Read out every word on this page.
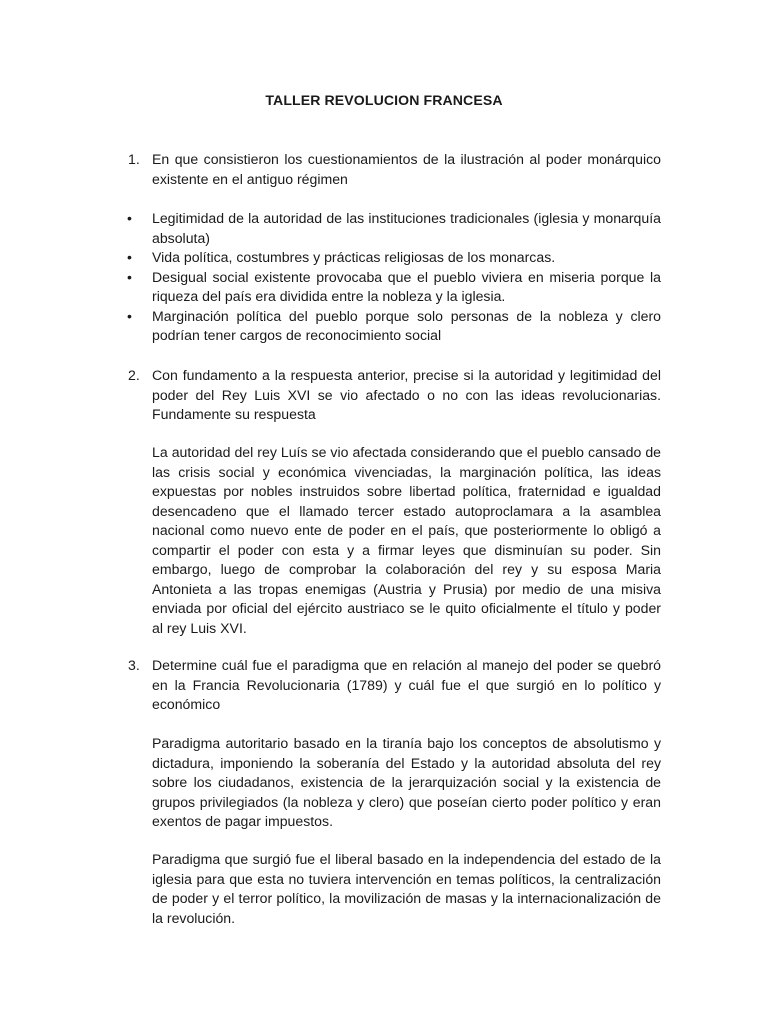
TALLER REVOLUCION FRANCESA
1. En que consistieron los cuestionamientos de la ilustración al poder monárquico existente en el antiguo régimen
• Legitimidad de la autoridad de las instituciones tradicionales (iglesia y monarquía absoluta)
• Vida política, costumbres y prácticas religiosas de los monarcas.
• Desigual social existente provocaba que el pueblo viviera en miseria porque la riqueza del país era dividida entre la nobleza y la iglesia.
• Marginación política del pueblo porque solo personas de la nobleza y clero podrían tener cargos de reconocimiento social
2. Con fundamento a la respuesta anterior, precise si la autoridad y legitimidad del poder del Rey Luis XVI se vio afectado o no con las ideas revolucionarias. Fundamente su respuesta

La autoridad del rey Luís se vio afectada considerando que el pueblo cansado de las crisis social y económica vivenciadas, la marginación política, las ideas expuestas por nobles instruidos sobre libertad política, fraternidad e igualdad desencadeno que el llamado tercer estado autoproclamara a la asamblea nacional como nuevo ente de poder en el país, que posteriormente lo obligó a compartir el poder con esta y a firmar leyes que disminuían su poder. Sin embargo, luego de comprobar la colaboración del rey y su esposa Maria Antonieta a las tropas enemigas (Austria y Prusia) por medio de una misiva enviada por oficial del ejército austriaco se le quito oficialmente el título y poder al rey Luis XVI.

3. Determine cuál fue el paradigma que en relación al manejo del poder se quebró en la Francia Revolucionaria (1789) y cuál fue el que surgió en lo político y económico

Paradigma autoritario basado en la tiranía bajo los conceptos de absolutismo y dictadura, imponiendo la soberanía del Estado y la autoridad absoluta del rey sobre los ciudadanos, existencia de la jerarquización social y la existencia de grupos privilegiados (la nobleza y clero) que poseían cierto poder político y eran exentos de pagar impuestos.

Paradigma que surgió fue el liberal basado en la independencia del estado de la iglesia para que esta no tuviera intervención en temas políticos, la centralización de poder y el terror político, la movilización de masas y la internacionalización de la revolución.
